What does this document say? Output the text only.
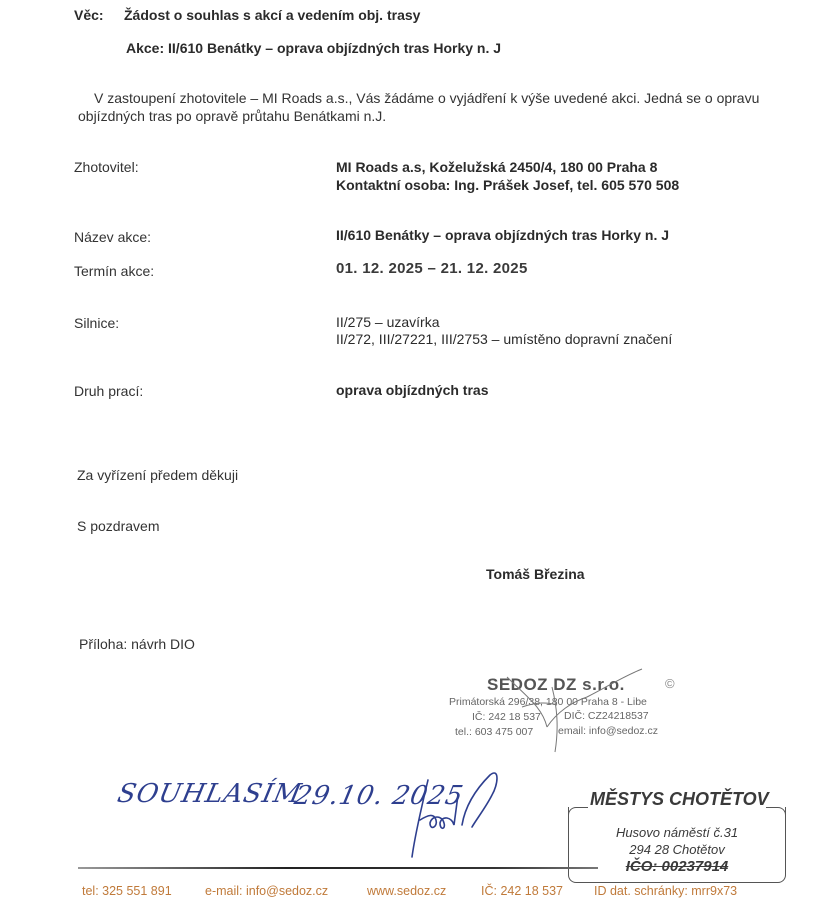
Věc: Žádost o souhlas s akcí a vedením obj. trasy
Akce: II/610 Benátky – oprava objízdných tras Horky n. J
V zastoupení zhotovitele – MI Roads a.s., Vás žádáme o vyjádření k výše uvedené akci. Jedná se o opravu objízdných tras po opravě průtahu Benátkami n.J.
Zhotovitel:	MI Roads a.s, Koželužská 2450/4, 180 00 Praha 8
Kontaktní osoba: Ing. Prášek Josef, tel. 605 570 508
Název akce:	II/610 Benátky – oprava objízdných tras Horky n. J
Termín akce:	01. 12. 2025 – 21. 12. 2025
Silnice:	II/275 – uzavírka
II/272, III/27221, III/2753 – umístěno dopravní značení
Druh prací:	oprava objízdných tras
Za vyřízení předem děkuji
S pozdravem
Tomáš Březina
Příloha: návrh DIO
SEDOZ DZ s.r.o.	©
Primátorská 296/38, 180 00 Praha 8 - Libe
IČ: 242 18 537 DIČ: CZ24218537
tel.: 603 475 007 email: info@sedoz.cz
SOUHLASÍM
29.10. 2025	MĚSTYS CHOTĚTOV
Husovo náměstí č.31
294 28 Chotětov
IČO: 00237914
tel: 325 551 891	e-mail: info@sedoz.cz	www.sedoz.cz	IČ: 242 18 537 ID dat. schránky: mrr9x73
